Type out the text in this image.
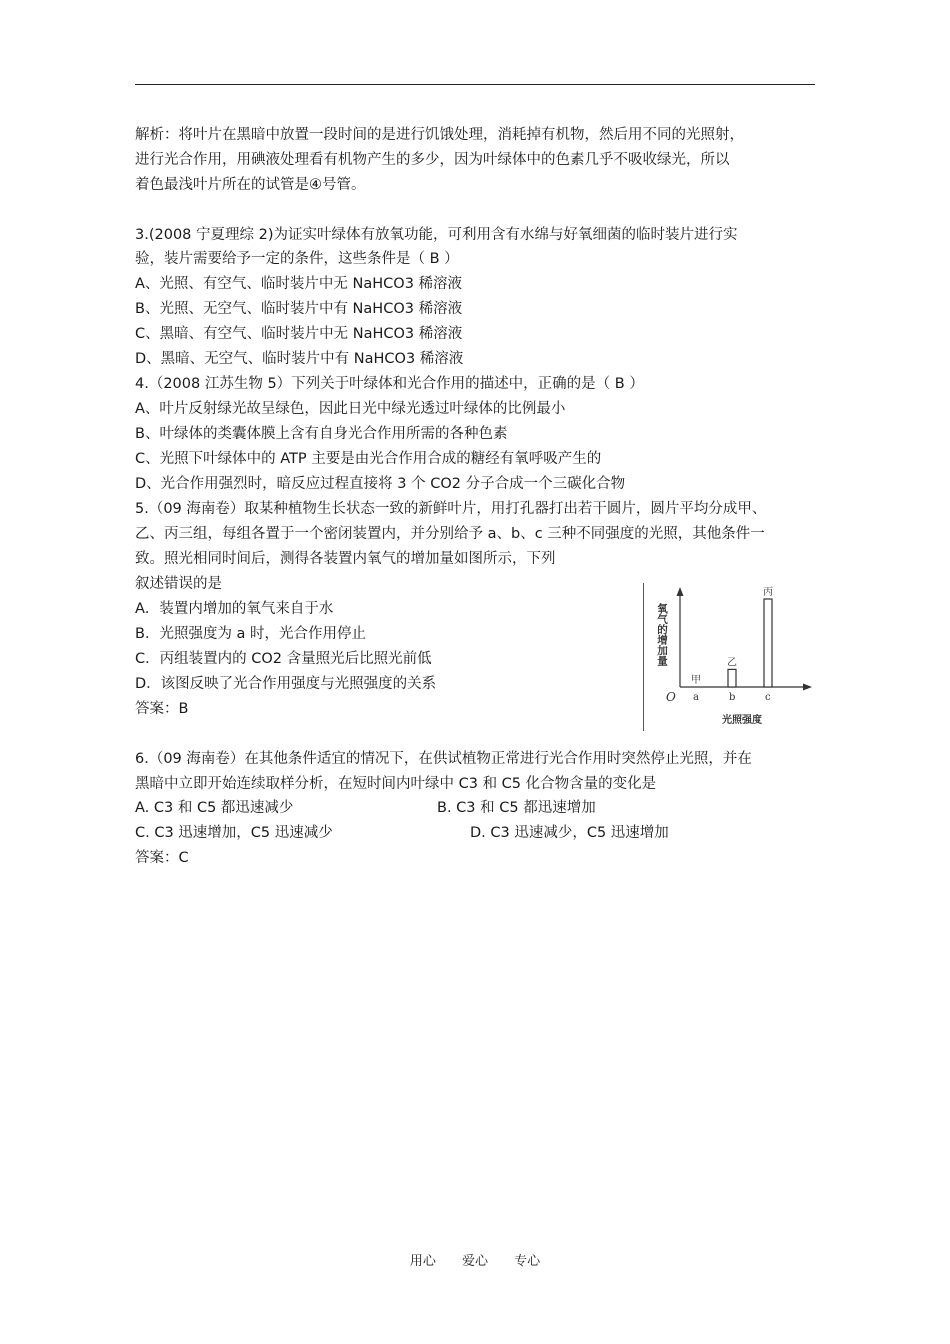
解析：将叶片在黑暗中放置一段时间的是进行饥饿处理，消耗掉有机物，然后用不同的光照射，
进行光合作用，用碘液处理看有机物产生的多少，因为叶绿体中的色素几乎不吸收绿光，所以
着色最浅叶片所在的试管是④号管。
3.(2008 宁夏理综 2)为证实叶绿体有放氧功能，可利用含有水绵与好氧细菌的临时装片进行实
验，装片需要给予一定的条件，这些条件是（ B ）
A、光照、有空气、临时装片中无 NaHCO3 稀溶液
B、光照、无空气、临时装片中有 NaHCO3 稀溶液
C、黑暗、有空气、临时装片中无 NaHCO3 稀溶液
D、黑暗、无空气、临时装片中有 NaHCO3 稀溶液
4.（2008 江苏生物 5）下列关于叶绿体和光合作用的描述中，正确的是（ B ）
A、叶片反射绿光故呈绿色，因此日光中绿光透过叶绿体的比例最小
B、叶绿体的类囊体膜上含有自身光合作用所需的各种色素
C、光照下叶绿体中的 ATP 主要是由光合作用合成的糖经有氧呼吸产生的
D、光合作用强烈时，暗反应过程直接将 3 个 CO2 分子合成一个三碳化合物
5.（09 海南卷）取某种植物生长状态一致的新鲜叶片，用打孔器打出若干圆片，圆片平均分成甲、
乙、丙三组，每组各置于一个密闭装置内，并分别给予 a、b、c 三种不同强度的光照，其他条件一
致。照光相同时间后，测得各装置内氧气的增加量如图所示，下列
叙述错误的是
A．装置内增加的氧气来自于水
B．光照强度为 a 时，光合作用停止
C．丙组装置内的 CO2 含量照光后比照光前低
D．该图反映了光合作用强度与光照强度的关系
答案：B
氧气的增加量
O
光照强度
甲
a
乙
b
丙
c
6.（09 海南卷）在其他条件适宜的情况下，在供试植物正常进行光合作用时突然停止光照，并在
黑暗中立即开始连续取样分析，在短时间内叶绿中 C3 和 C5 化合物含量的变化是
A. C3 和 C5 都迅速减少	B. C3 和 C5 都迅速增加
C. C3 迅速增加，C5 迅速减少	D. C3 迅速减少，C5 迅速增加
答案：C
用心 爱心 专心
